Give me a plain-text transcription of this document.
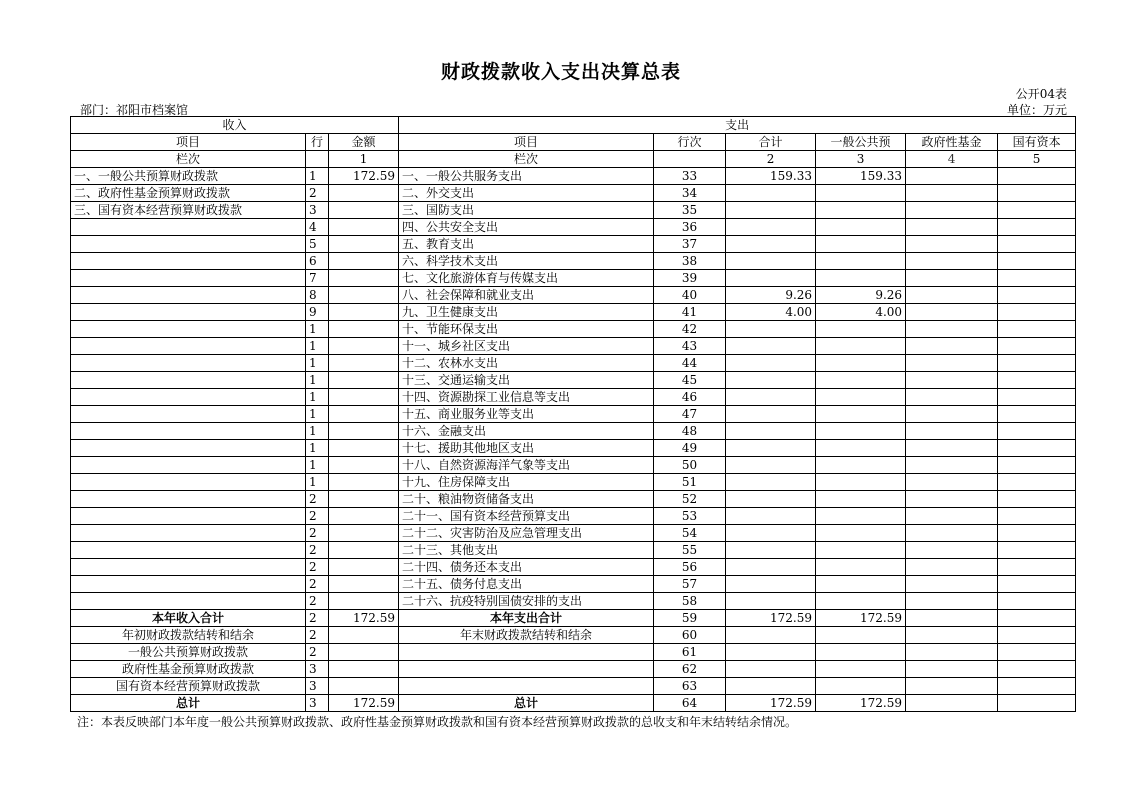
财政拨款收入支出决算总表
公开04表
部门：祁阳市档案馆	单位：万元
收入			支出					
项目	行	金额	项目	行次	合计	一般公共预	政府性基金	国有资本
栏次		1	栏次		2	3	4	5
一、一般公共预算财政拨款	1	172.59	一、一般公共服务支出	33	159.33	159.33		
二、政府性基金预算财政拨款	2		二、外交支出	34				
三、国有资本经营预算财政拨款	3		三、国防支出	35				
	4		四、公共安全支出	36				
	5		五、教育支出	37				
	6		六、科学技术支出	38				
	7		七、文化旅游体育与传媒支出	39				
	8		八、社会保障和就业支出	40	9.26	9.26		
	9		九、卫生健康支出	41	4.00	4.00		
	1		十、节能环保支出	42				
	1		十一、城乡社区支出	43				
	1		十二、农林水支出	44				
	1		十三、交通运输支出	45				
	1		十四、资源勘探工业信息等支出	46				
	1		十五、商业服务业等支出	47				
	1		十六、金融支出	48				
	1		十七、援助其他地区支出	49				
	1		十八、自然资源海洋气象等支出	50				
	1		十九、住房保障支出	51				
	2		二十、粮油物资储备支出	52				
	2		二十一、国有资本经营预算支出	53				
	2		二十二、灾害防治及应急管理支出	54				
	2		二十三、其他支出	55				
	2		二十四、债务还本支出	56				
	2		二十五、债务付息支出	57				
	2		二十六、抗疫特别国债安排的支出	58				
本年收入合计	2	172.59	本年支出合计	59	172.59	172.59		
年初财政拨款结转和结余	2		年末财政拨款结转和结余	60				
一般公共预算财政拨款	2			61				
政府性基金预算财政拨款	3			62				
国有资本经营预算财政拨款	3			63				
总计	3	172.59	总计	64	172.59	172.59		
注：本表反映部门本年度一般公共预算财政拨款、政府性基金预算财政拨款和国有资本经营预算财政拨款的总收支和年末结转结余情况。
